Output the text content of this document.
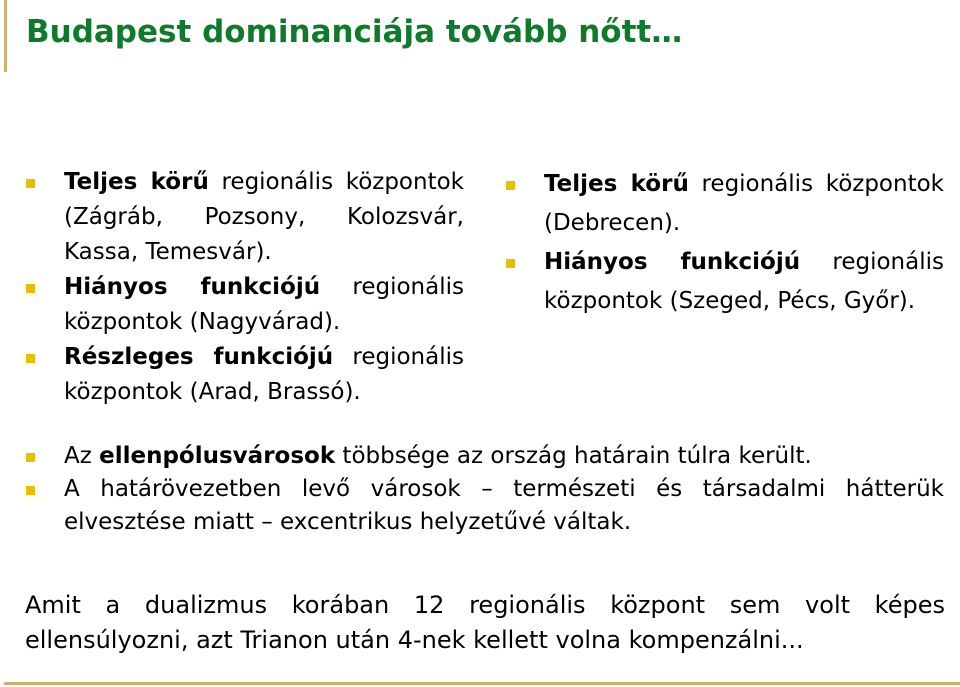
Budapest dominanciája tovább nőtt…
Teljes körű regionális központok (Zágráb, Pozsony, Kolozsvár, Kassa, Temesvár).
Hiányos funkciójú regionális központok (Nagyvárad).
Részleges funkciójú regionális központok (Arad, Brassó).
Teljes körű regionális központok (Debrecen).
Hiányos funkciójú regionális központok (Szeged, Pécs, Győr).
Az ellenpólusvárosok többsége az ország határain túlra került.
A határövezetben levő városok – természeti és társadalmi hátterük elvesztése miatt – excentrikus helyzetűvé váltak.

Amit a dualizmus korában 12 regionális központ sem volt képes ellensúlyozni, azt Trianon után 4-nek kellett volna kompenzálni...
